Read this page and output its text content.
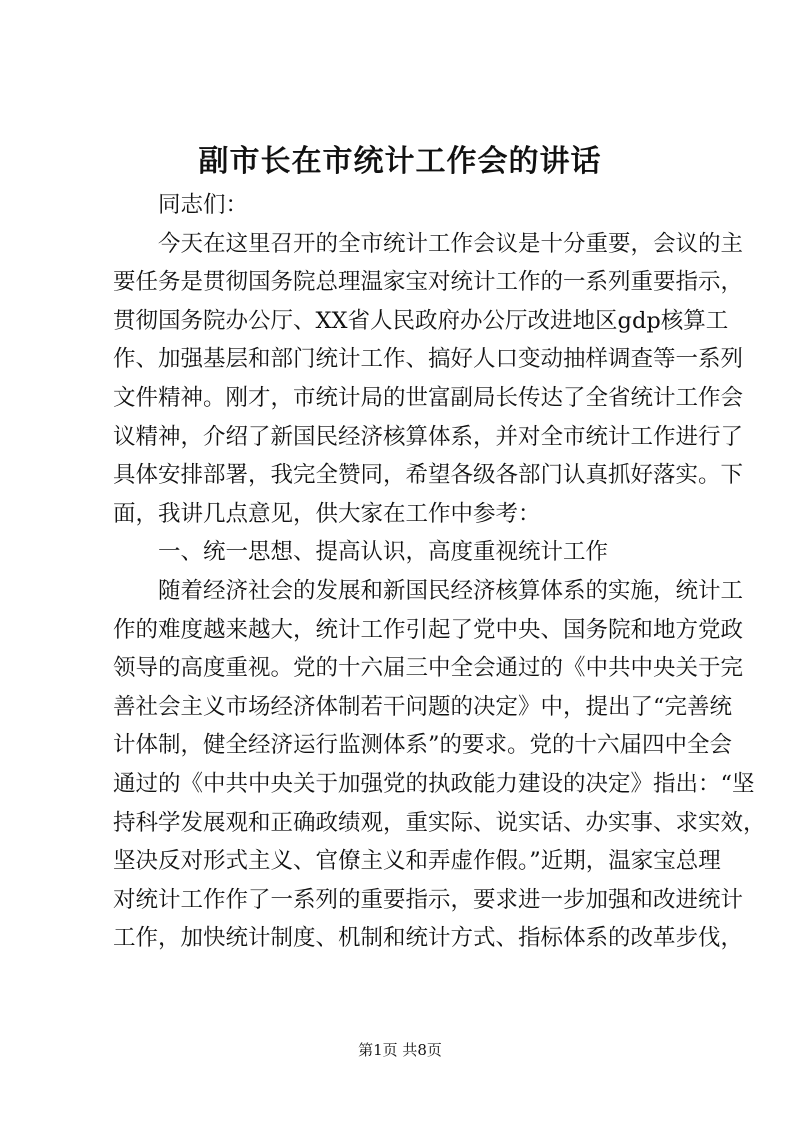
副市长在市统计工作会的讲话
同志们：
今天在这里召开的全市统计工作会议是十分重要，会议的主
要任务是贯彻国务院总理温家宝对统计工作的一系列重要指示，
贯彻国务院办公厅、XX省人民政府办公厅改进地区gdp核算工
作、加强基层和部门统计工作、搞好人口变动抽样调查等一系列
文件精神。刚才，市统计局的世富副局长传达了全省统计工作会
议精神，介绍了新国民经济核算体系，并对全市统计工作进行了
具体安排部署，我完全赞同，希望各级各部门认真抓好落实。下
面，我讲几点意见，供大家在工作中参考：
一、统一思想、提高认识，高度重视统计工作
随着经济社会的发展和新国民经济核算体系的实施，统计工
作的难度越来越大，统计工作引起了党中央、国务院和地方党政
领导的高度重视。党的十六届三中全会通过的《中共中央关于完
善社会主义市场经济体制若干问题的决定》中，提出了“完善统
计体制，健全经济运行监测体系”的要求。党的十六届四中全会
通过的《中共中央关于加强党的执政能力建设的决定》指出：“坚
持科学发展观和正确政绩观，重实际、说实话、办实事、求实效，
坚决反对形式主义、官僚主义和弄虚作假。”近期，温家宝总理
对统计工作作了一系列的重要指示，要求进一步加强和改进统计
工作，加快统计制度、机制和统计方式、指标体系的改革步伐，
第1页 共8页
